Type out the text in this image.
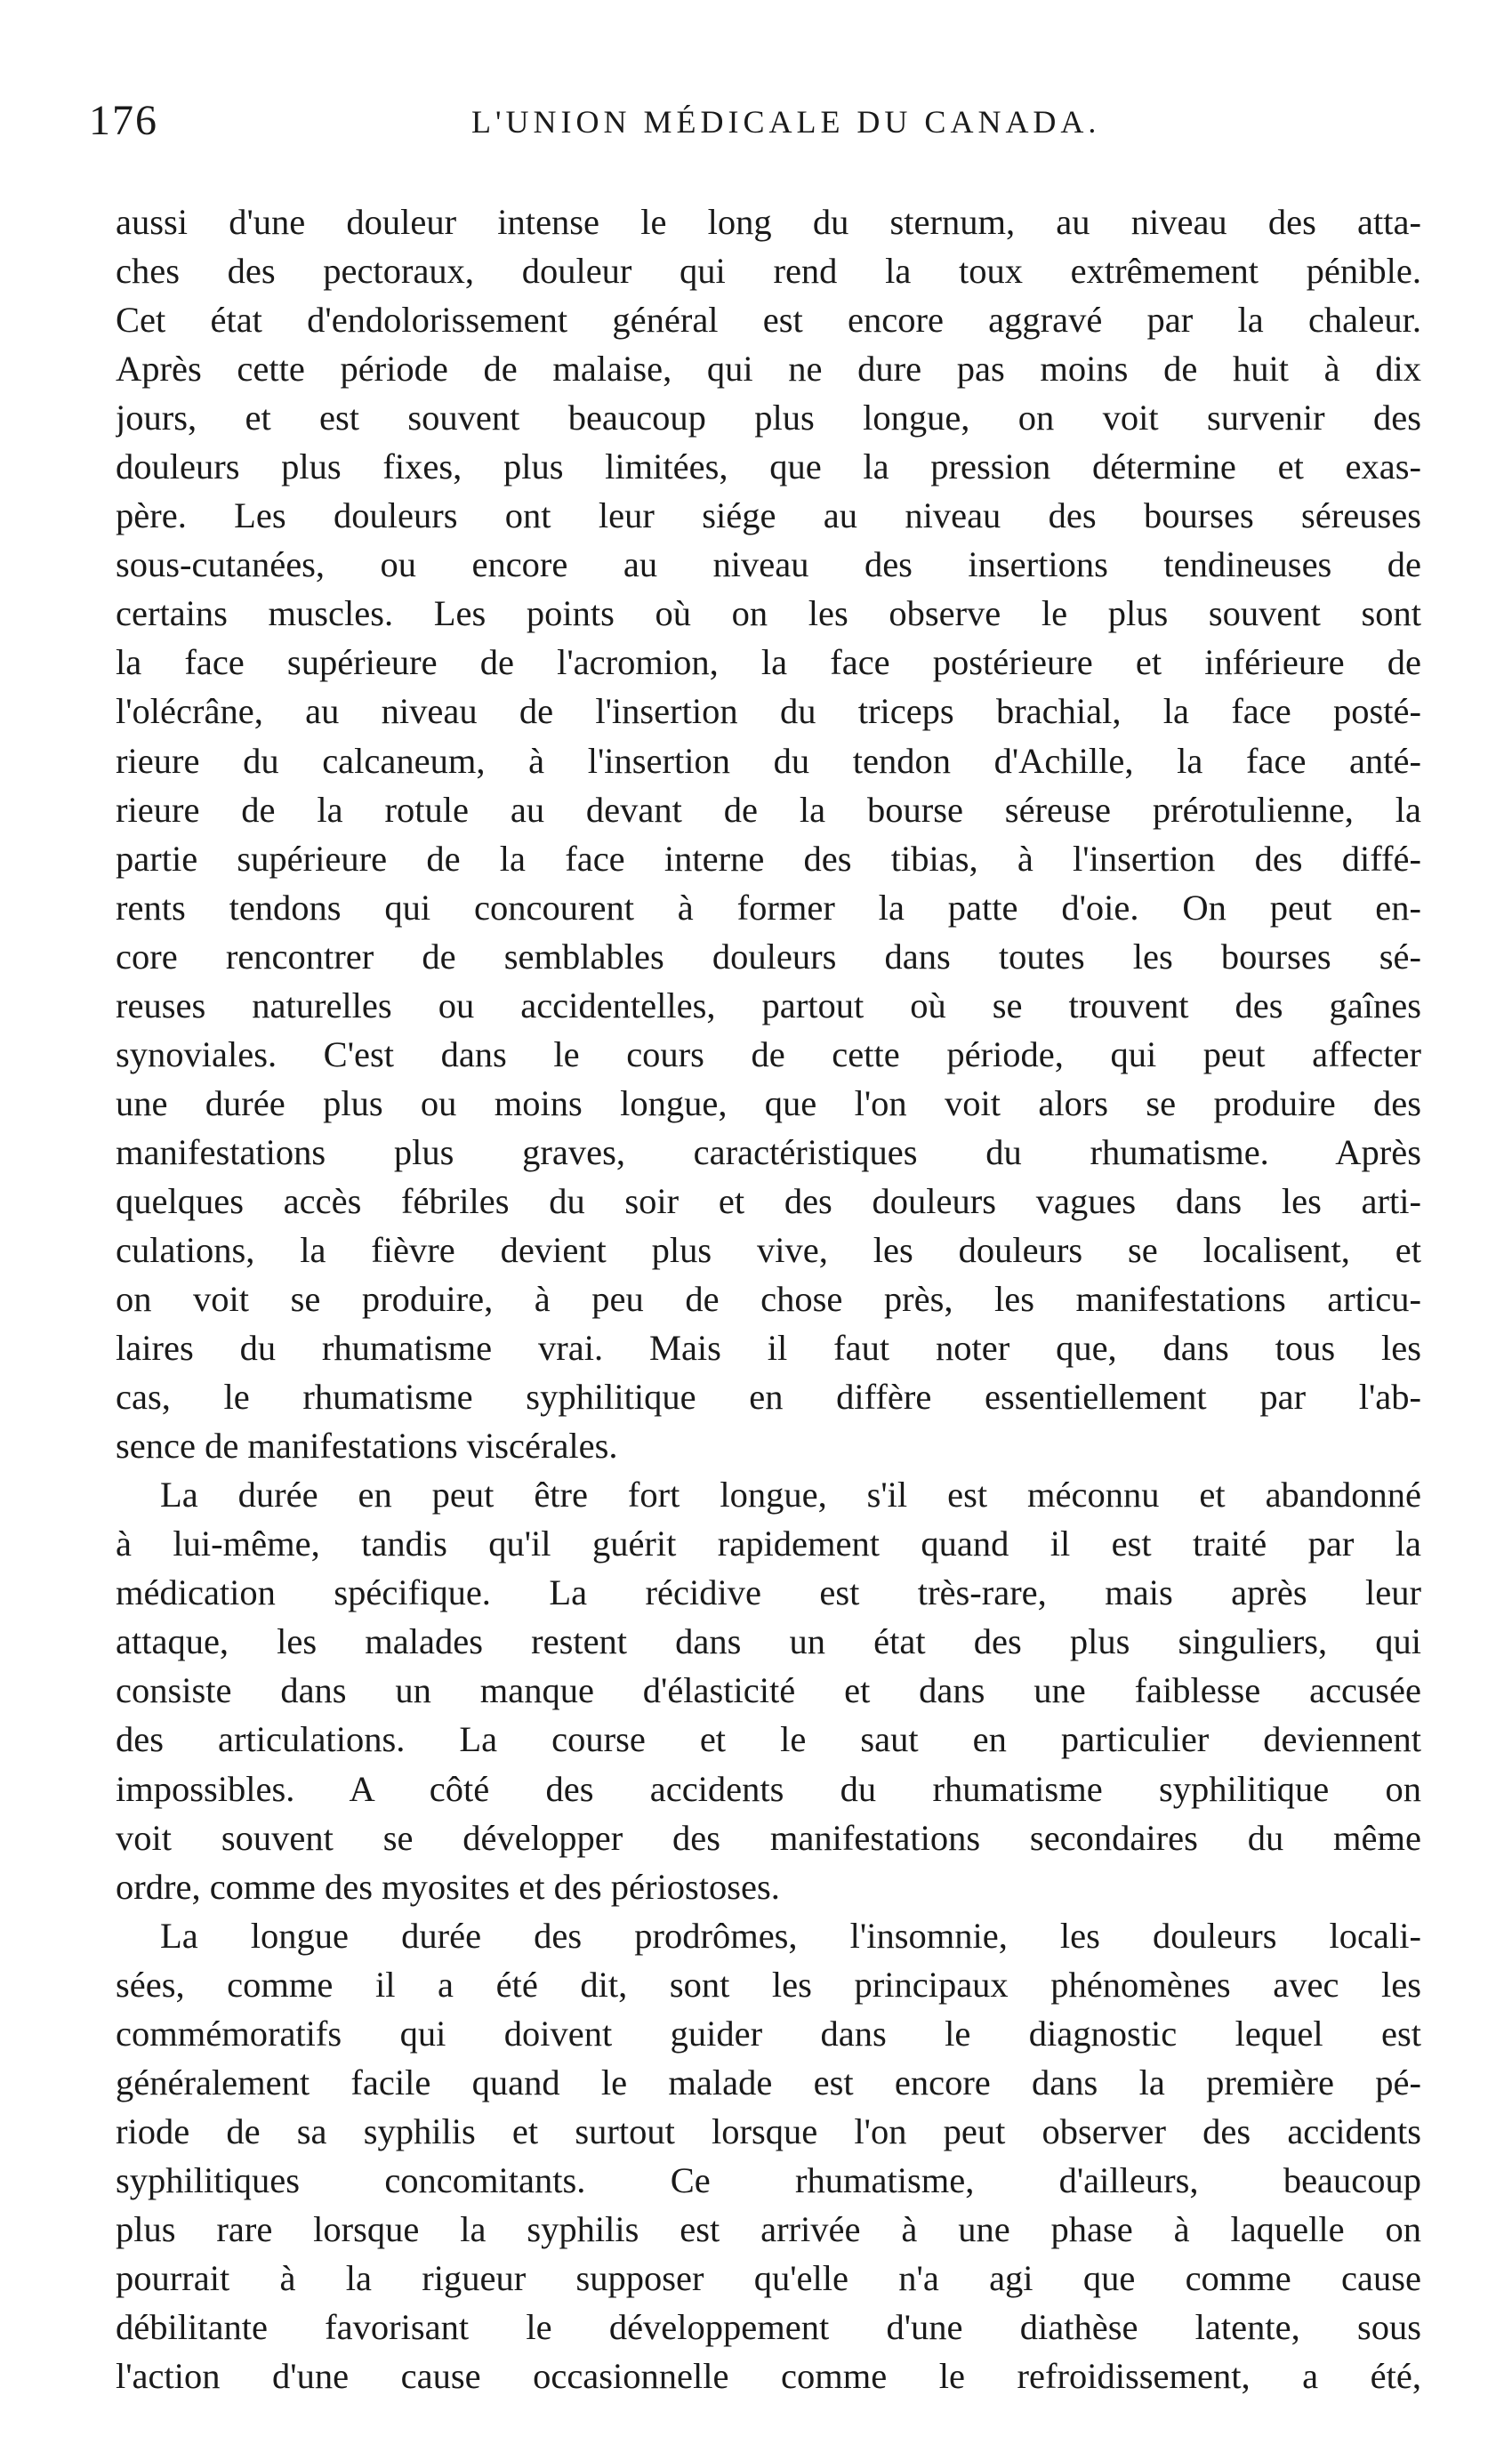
176	L'UNION MÉDICALE DU CANADA.
aussi d'une douleur intense le long du sternum, au niveau des atta-
ches des pectoraux, douleur qui rend la toux extrêmement pénible.
Cet état d'endolorissement général est encore aggravé par la chaleur.
Après cette période de malaise, qui ne dure pas moins de huit à dix
jours, et est souvent beaucoup plus longue, on voit survenir des
douleurs plus fixes, plus limitées, que la pression détermine et exas-
père. Les douleurs ont leur siége au niveau des bourses séreuses
sous-cutanées, ou encore au niveau des insertions tendineuses de
certains muscles. Les points où on les observe le plus souvent sont
la face supérieure de l'acromion, la face postérieure et inférieure de
l'olécrâne, au niveau de l'insertion du triceps brachial, la face posté-
rieure du calcaneum, à l'insertion du tendon d'Achille, la face anté-
rieure de la rotule au devant de la bourse séreuse prérotulienne, la
partie supérieure de la face interne des tibias, à l'insertion des diffé-
rents tendons qui concourent à former la patte d'oie. On peut en-
core rencontrer de semblables douleurs dans toutes les bourses sé-
reuses naturelles ou accidentelles, partout où se trouvent des gaînes
synoviales. C'est dans le cours de cette période, qui peut affecter
une durée plus ou moins longue, que l'on voit alors se produire des
manifestations plus graves, caractéristiques du rhumatisme. Après
quelques accès fébriles du soir et des douleurs vagues dans les arti-
culations, la fièvre devient plus vive, les douleurs se localisent, et
on voit se produire, à peu de chose près, les manifestations articu-
laires du rhumatisme vrai. Mais il faut noter que, dans tous les
cas, le rhumatisme syphilitique en diffère essentiellement par l'ab-
sence de manifestations viscérales.
La durée en peut être fort longue, s'il est méconnu et abandonné
à lui-même, tandis qu'il guérit rapidement quand il est traité par la
médication spécifique. La récidive est très-rare, mais après leur
attaque, les malades restent dans un état des plus singuliers, qui
consiste dans un manque d'élasticité et dans une faiblesse accusée
des articulations. La course et le saut en particulier deviennent
impossibles. A côté des accidents du rhumatisme syphilitique on
voit souvent se développer des manifestations secondaires du même
ordre, comme des myosites et des périostoses.
La longue durée des prodrômes, l'insomnie, les douleurs locali-
sées, comme il a été dit, sont les principaux phénomènes avec les
commémoratifs qui doivent guider dans le diagnostic lequel est
généralement facile quand le malade est encore dans la première pé-
riode de sa syphilis et surtout lorsque l'on peut observer des accidents
syphilitiques concomitants. Ce rhumatisme, d'ailleurs, beaucoup
plus rare lorsque la syphilis est arrivée à une phase à laquelle on
pourrait à la rigueur supposer qu'elle n'a agi que comme cause
débilitante favorisant le développement d'une diathèse latente, sous
l'action d'une cause occasionnelle comme le refroidissement, a été,
